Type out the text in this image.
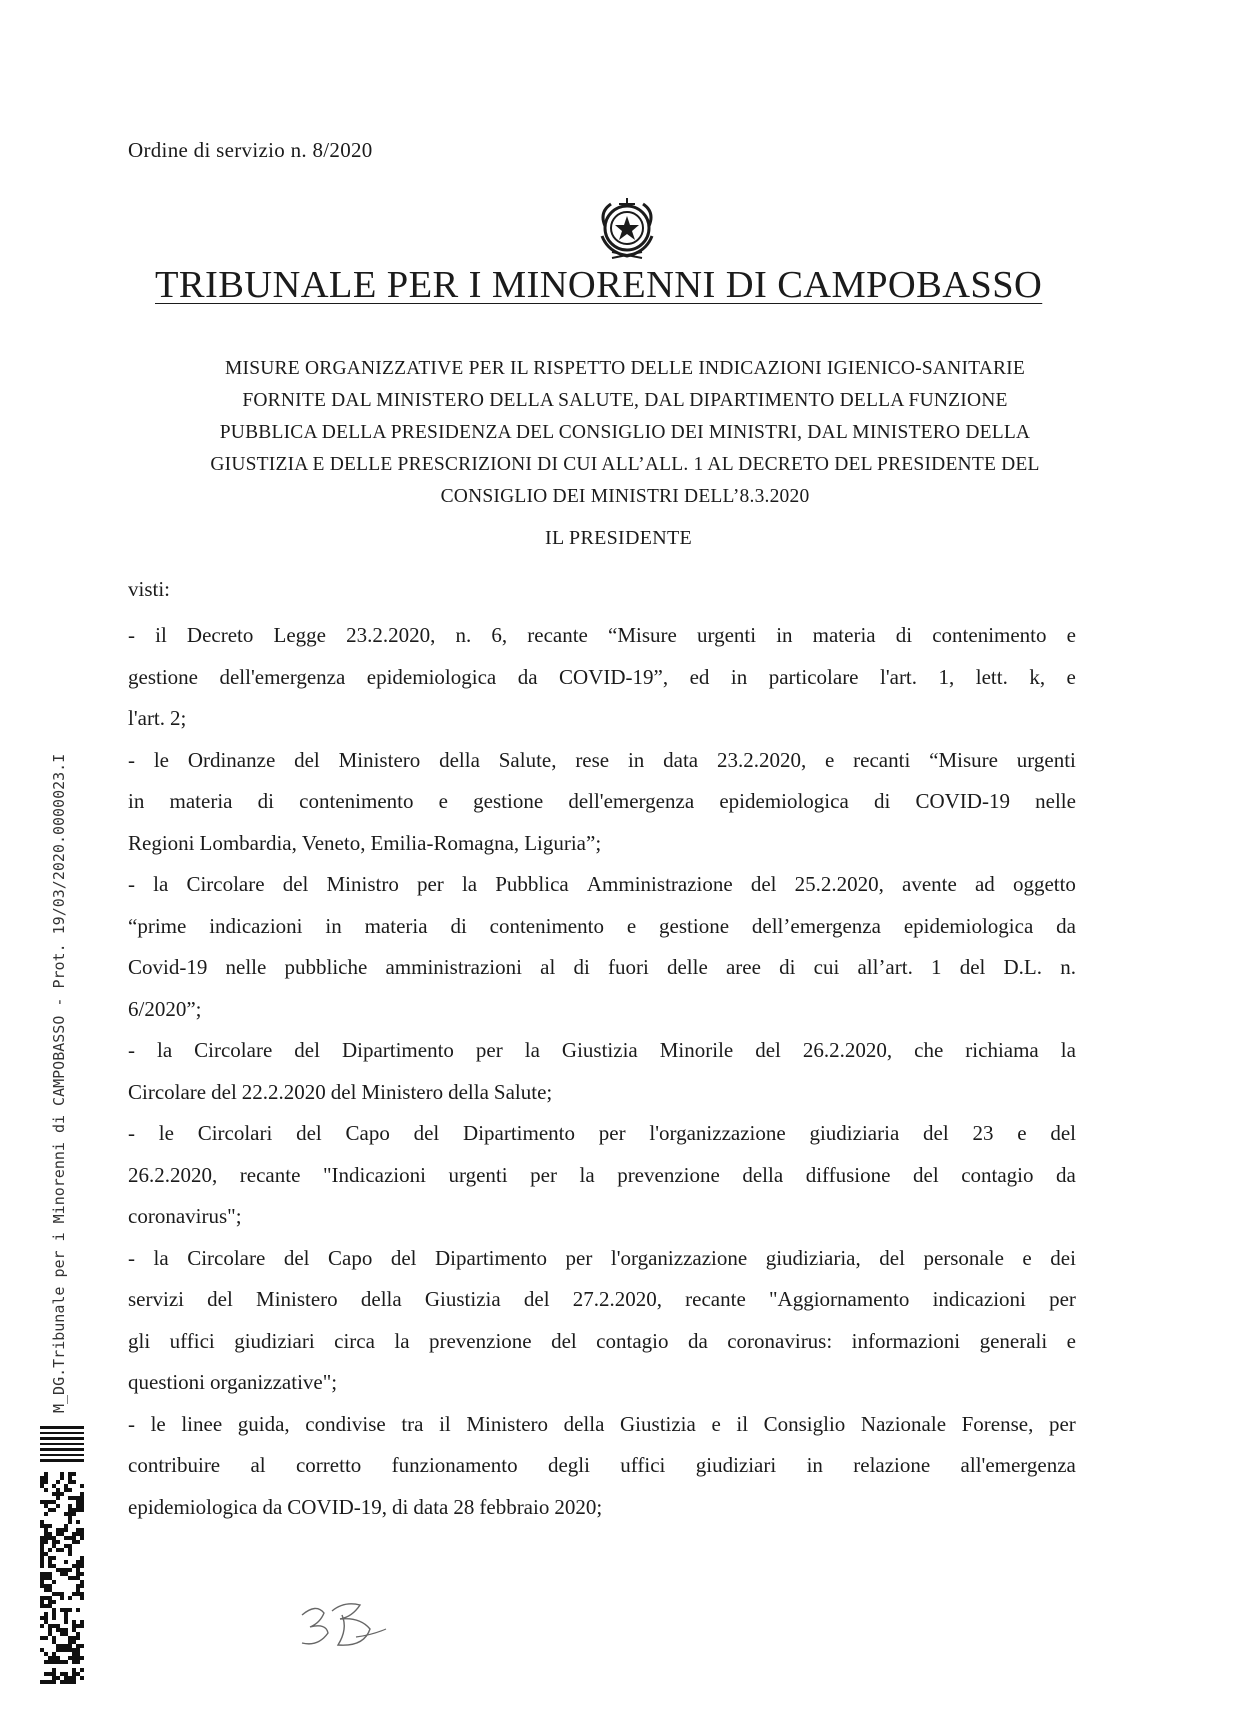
Ordine di servizio n. 8/2020
TRIBUNALE PER I MINORENNI DI CAMPOBASSO
MISURE ORGANIZZATIVE PER IL RISPETTO DELLE INDICAZIONI IGIENICO-SANITARIE
FORNITE DAL MINISTERO DELLA SALUTE, DAL DIPARTIMENTO DELLA FUNZIONE
PUBBLICA DELLA PRESIDENZA DEL CONSIGLIO DEI MINISTRI, DAL MINISTERO DELLA
GIUSTIZIA E DELLE PRESCRIZIONI DI CUI ALL’ALL. 1 AL DECRETO DEL PRESIDENTE DEL
CONSIGLIO DEI MINISTRI DELL’8.3.2020
IL PRESIDENTE
visti:
- il Decreto Legge 23.2.2020, n. 6, recante “Misure urgenti in materia di contenimento e
gestione dell'emergenza epidemiologica da COVID-19”, ed in particolare l'art. 1, lett. k, e
l'art. 2;
- le Ordinanze del Ministero della Salute, rese in data 23.2.2020, e recanti “Misure urgenti
in materia di contenimento e gestione dell'emergenza epidemiologica di COVID-19 nelle
Regioni Lombardia, Veneto, Emilia-Romagna, Liguria”;
- la Circolare del Ministro per la Pubblica Amministrazione del 25.2.2020, avente ad oggetto
“prime indicazioni in materia di contenimento e gestione dell’emergenza epidemiologica da
Covid-19 nelle pubbliche amministrazioni al di fuori delle aree di cui all’art. 1 del D.L. n.
6/2020”;
- la Circolare del Dipartimento per la Giustizia Minorile del 26.2.2020, che richiama la
Circolare del 22.2.2020 del Ministero della Salute;
- le Circolari del Capo del Dipartimento per l'organizzazione giudiziaria del 23 e del
26.2.2020, recante "Indicazioni urgenti per la prevenzione della diffusione del contagio da
coronavirus";
- la Circolare del Capo del Dipartimento per l'organizzazione giudiziaria, del personale e dei
servizi del Ministero della Giustizia del 27.2.2020, recante "Aggiornamento indicazioni per
gli uffici giudiziari circa la prevenzione del contagio da coronavirus: informazioni generali e
questioni organizzative";
- le linee guida, condivise tra il Ministero della Giustizia e il Consiglio Nazionale Forense, per
contribuire al corretto funzionamento degli uffici giudiziari in relazione all'emergenza
epidemiologica da COVID-19, di data 28 febbraio 2020;
M_DG.Tribunale per i Minorenni di CAMPOBASSO - Prot. 19/03/2020.0000023.I
